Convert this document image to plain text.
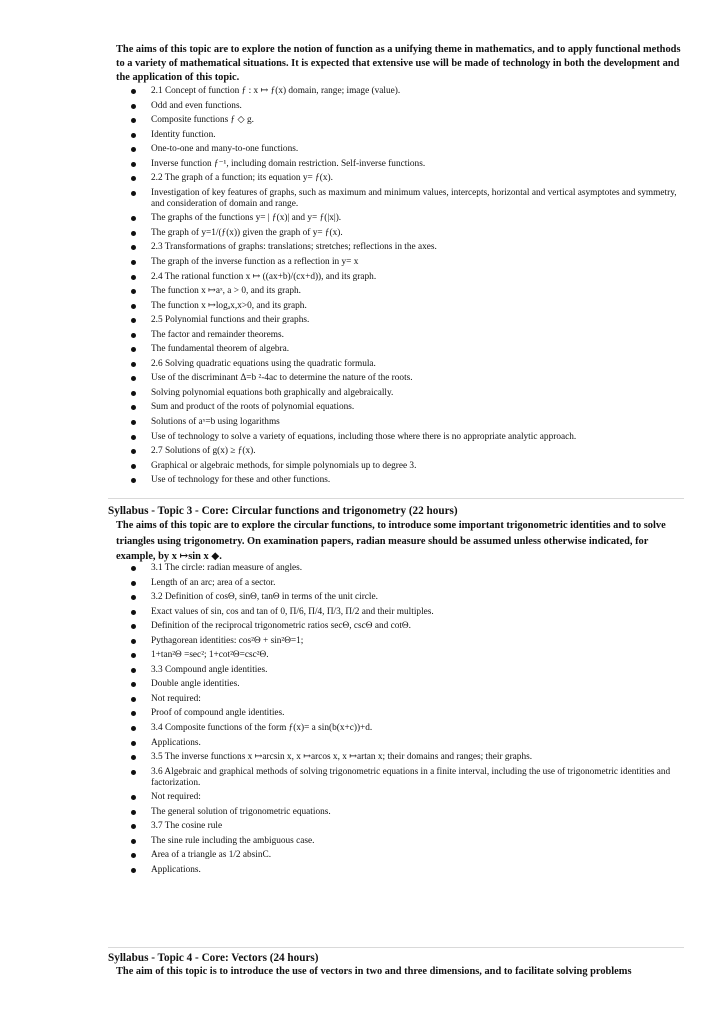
The aims of this topic are to explore the notion of function as a unifying theme in mathematics, and to apply functional methods to a variety of mathematical situations. It is expected that extensive use will be made of technology in both the development and the application of this topic.

2.1 Concept of function ƒ : x ↦ ƒ(x) domain, range; image (value).
Odd and even functions.
Composite functions ƒ ◇ g.
Identity function.
One-to-one and many-to-one functions.
Inverse function ƒ⁻¹, including domain restriction. Self-inverse functions.
2.2 The graph of a function; its equation y= ƒ(x).
Investigation of key features of graphs, such as maximum and minimum values, intercepts, horizontal and vertical asymptotes and symmetry, and consideration of domain and range.
The graphs of the functions y= | ƒ(x)| and y= ƒ(|x|).
The graph of y=1/(ƒ(x)) given the graph of y= ƒ(x).
2.3 Transformations of graphs: translations; stretches; reflections in the axes.
The graph of the inverse function as a reflection in y= x
2.4 The rational function x ↦ ((ax+b)/(cx+d)), and its graph.
The function x ↦aˣ, a > 0, and its graph.
The function x ↦logₐx,x>0, and its graph.
2.5 Polynomial functions and their graphs.
The factor and remainder theorems.
The fundamental theorem of algebra.
2.6 Solving quadratic equations using the quadratic formula.
Use of the discriminant Δ=b ²-4ac to determine the nature of the roots.
Solving polynomial equations both graphically and algebraically.
Sum and product of the roots of polynomial equations.
Solutions of aˣ=b using logarithms
Use of technology to solve a variety of equations, including those where there is no appropriate analytic approach.
2.7 Solutions of g(x) ≥ ƒ(x).
Graphical or algebraic methods, for simple polynomials up to degree 3.
Use of technology for these and other functions.

Syllabus - Topic 3 - Core: Circular functions and trigonometry (22 hours)

The aims of this topic are to explore the circular functions, to introduce some important trigonometric identities and to solve triangles using trigonometry. On examination papers, radian measure should be assumed unless otherwise indicated, for example, by x ↦sin x ◆.

3.1 The circle: radian measure of angles.
Length of an arc; area of a sector.
3.2 Definition of cosΘ, sinΘ, tanΘ in terms of the unit circle.
Exact values of sin, cos and tan of 0, Π/6, Π/4, Π/3, Π/2 and their multiples.
Definition of the reciprocal trigonometric ratios secΘ, cscΘ and cotΘ.
Pythagorean identities: cos²Θ + sin²Θ=1;
1+tan²Θ =sec²; 1+cot²Θ=csc²Θ.
3.3 Compound angle identities.
Double angle identities.
Not required:
Proof of compound angle identities.
3.4 Composite functions of the form ƒ(x)= a sin(b(x+c))+d.
Applications.
3.5 The inverse functions x ↦arcsin x, x ↦arcos x, x ↦artan x; their domains and ranges; their graphs.
3.6 Algebraic and graphical methods of solving trigonometric equations in a finite interval, including the use of trigonometric identities and factorization.
Not required:
The general solution of trigonometric equations.
3.7 The cosine rule
The sine rule including the ambiguous case.
Area of a triangle as 1/2 absinC.
Applications.

Syllabus - Topic 4 - Core: Vectors (24 hours)

The aim of this topic is to introduce the use of vectors in two and three dimensions, and to facilitate solving problems
